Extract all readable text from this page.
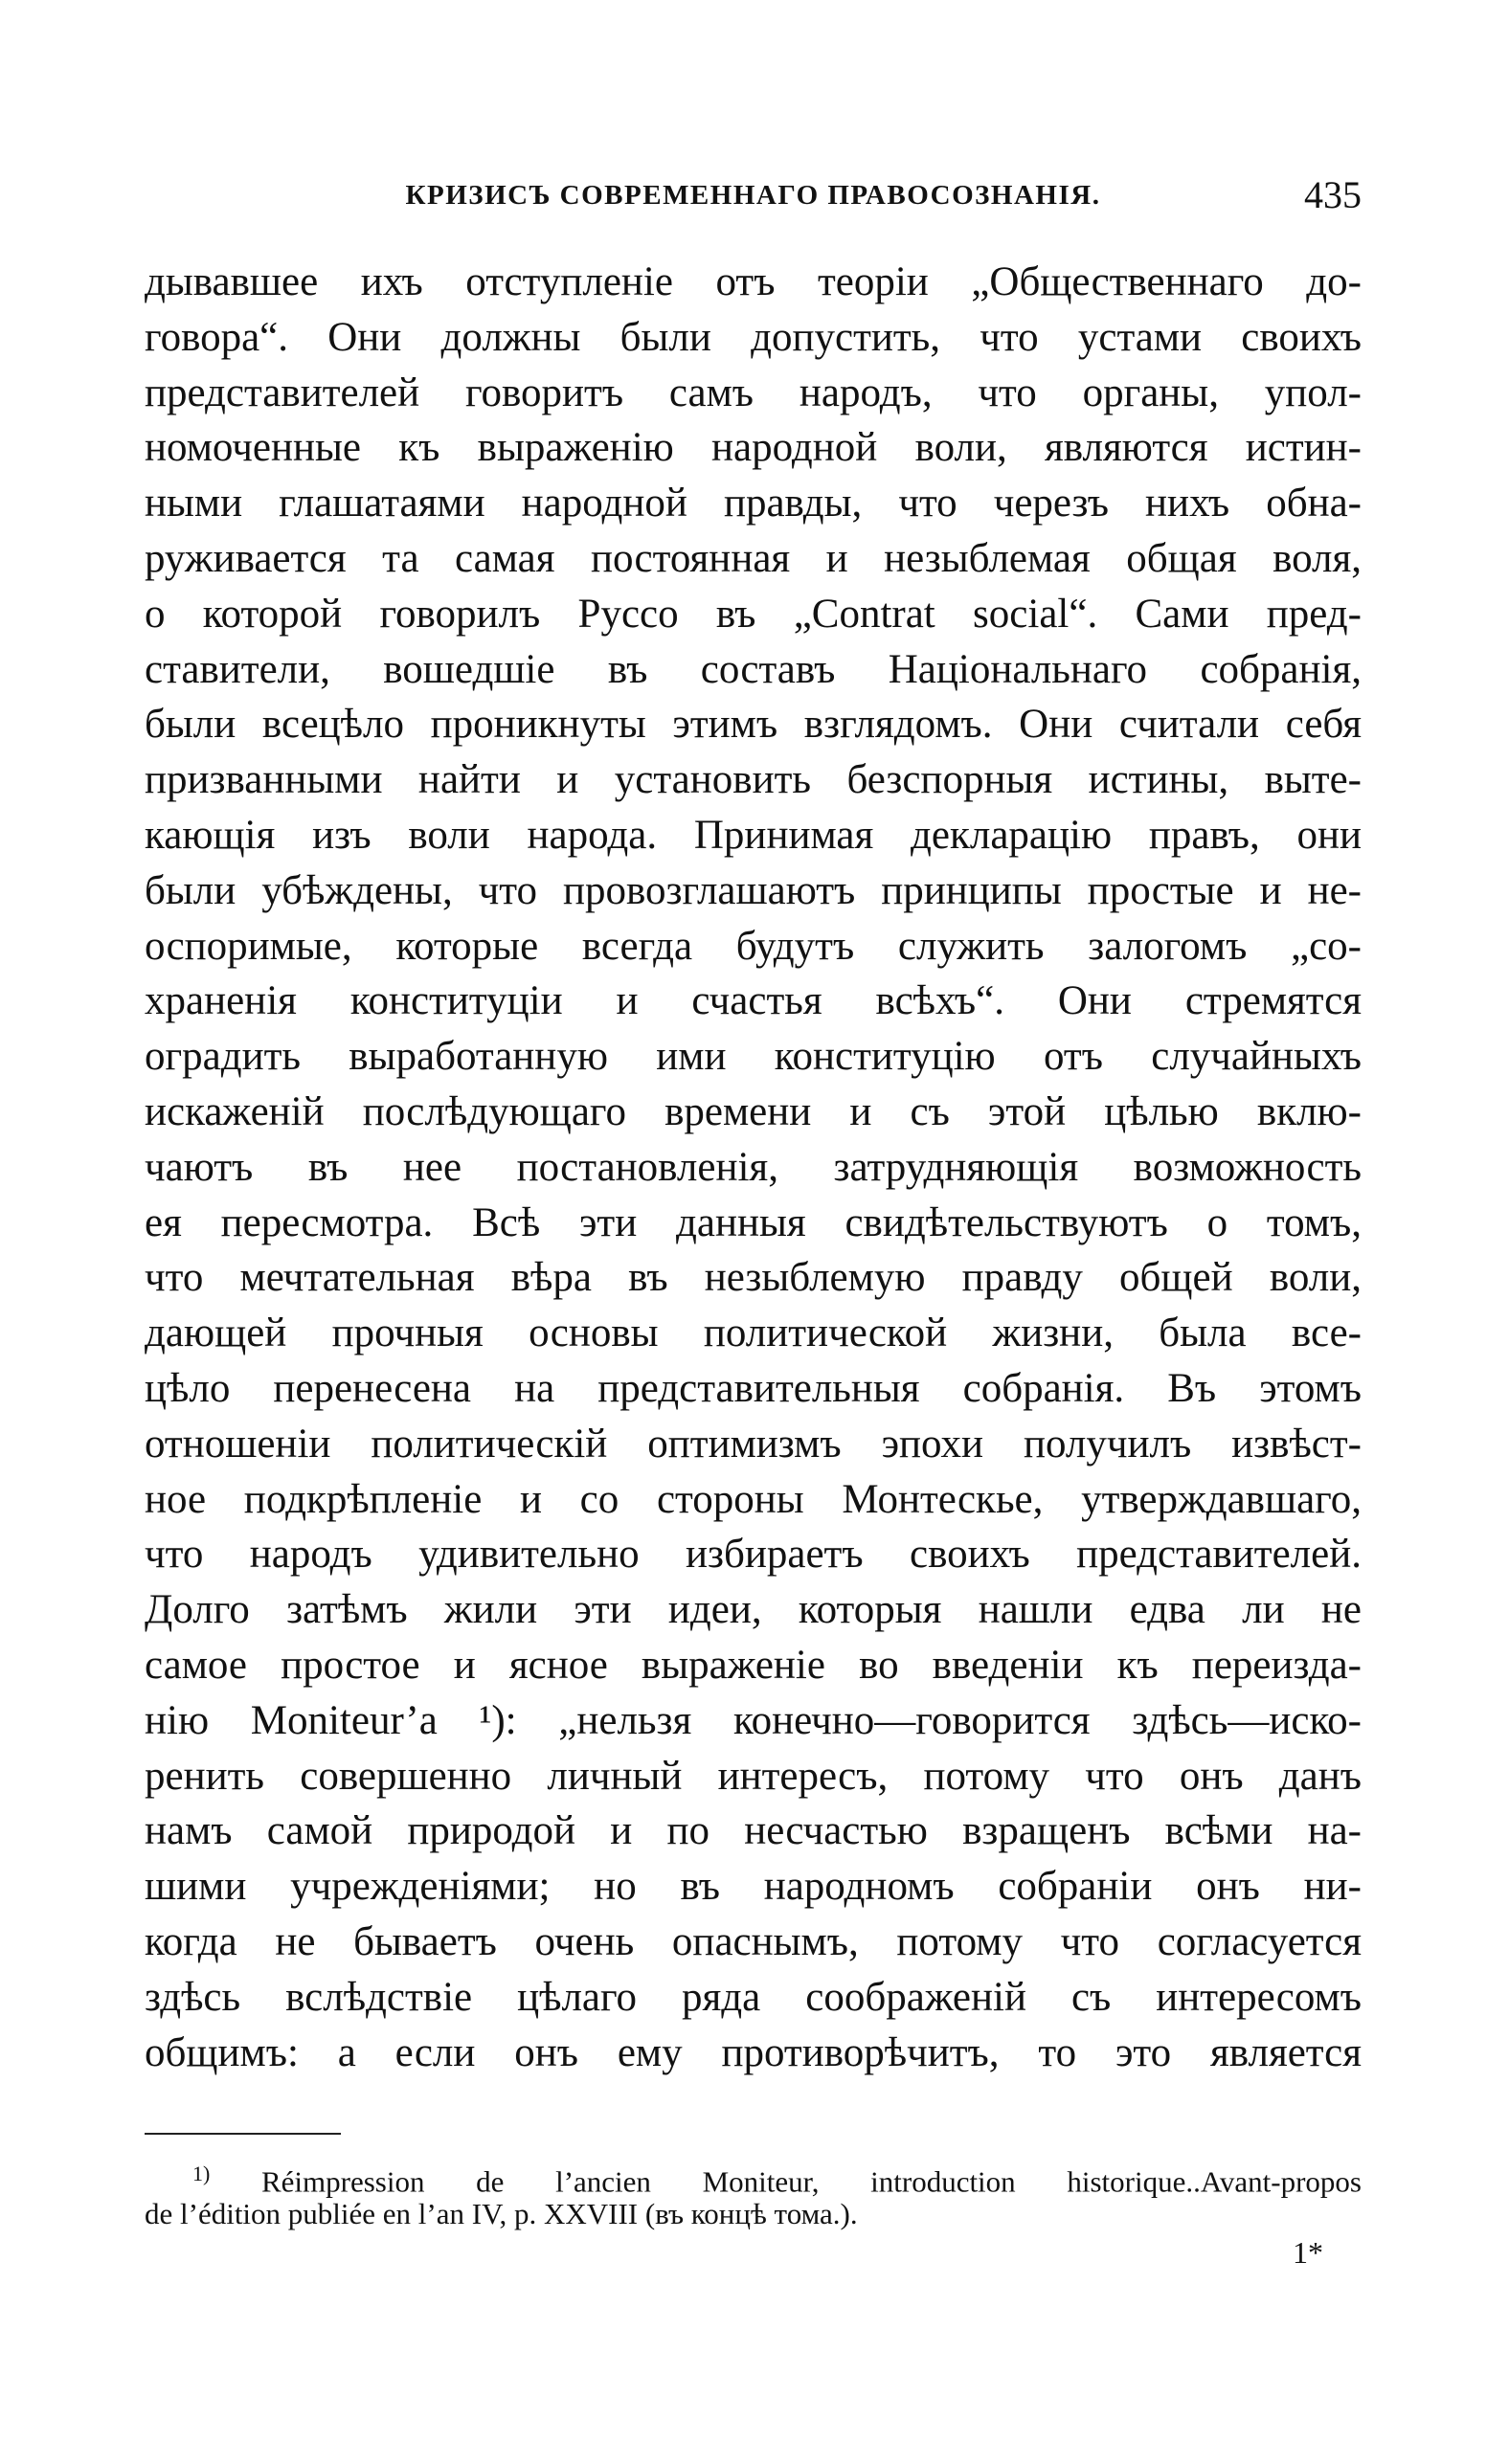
КРИЗИСЪ СОВРЕМЕННАГО ПРАВОСОЗНАНІЯ.	435
дывавшее ихъ отступленіе отъ теоріи „Общественнаго до-
говора“. Они должны были допустить, что устами своихъ
представителей говоритъ самъ народъ, что органы, упол-
номоченные къ выраженію народной воли, являются истин-
ными глашатаями народной правды, что черезъ нихъ обна-
руживается та самая постоянная и незыблемая общая воля,
о которой говорилъ Руссо въ „Contrat social“. Сами пред-
ставители, вошедшіе въ составъ Національнаго собранія,
были всецѣло проникнуты этимъ взглядомъ. Они считали себя
призванными найти и установить безспорныя истины, выте-
кающія изъ воли народа. Принимая декларацію правъ, они
были убѣждены, что провозглашаютъ принципы простые и не-
оспоримые, которые всегда будутъ служить залогомъ „со-
храненія конституціи и счастья всѣхъ“. Они стремятся
оградить выработанную ими конституцію отъ случайныхъ
искаженій послѣдующаго времени и съ этой цѣлью вклю-
чаютъ въ нее постановленія, затрудняющія возможность
ея пересмотра. Всѣ эти данныя свидѣтельствуютъ о томъ,
что мечтательная вѣра въ незыблемую правду общей воли,
дающей прочныя основы политической жизни, была все-
цѣло перенесена на представительныя собранія. Въ этомъ
отношеніи политическій оптимизмъ эпохи получилъ извѣст-
ное подкрѣпленіе и со стороны Монтескье, утверждавшаго,
что народъ удивительно избираетъ своихъ представителей.
Долго затѣмъ жили эти идеи, которыя нашли едва ли не
самое простое и ясное выраженіе во введеніи къ переизда-
нію Moniteur’a ¹): „нельзя конечно—говорится здѣсь—иско-
ренить совершенно личный интересъ, потому что онъ данъ
намъ самой природой и по несчастью взращенъ всѣми на-
шими учрежденіями; но въ народномъ собраніи онъ ни-
когда не бываетъ очень опаснымъ, потому что согласуется
здѣсь вслѣдствіе цѣлаго ряда соображеній съ интересомъ
общимъ: а если онъ ему противорѣчитъ, то это является
$^{1)}$ Réimpression de l’ancien Moniteur, introduction historique..Avant-propos
de l’édition publiée en l’an IV, p. XXVIII (въ концѣ тома.).
1*
